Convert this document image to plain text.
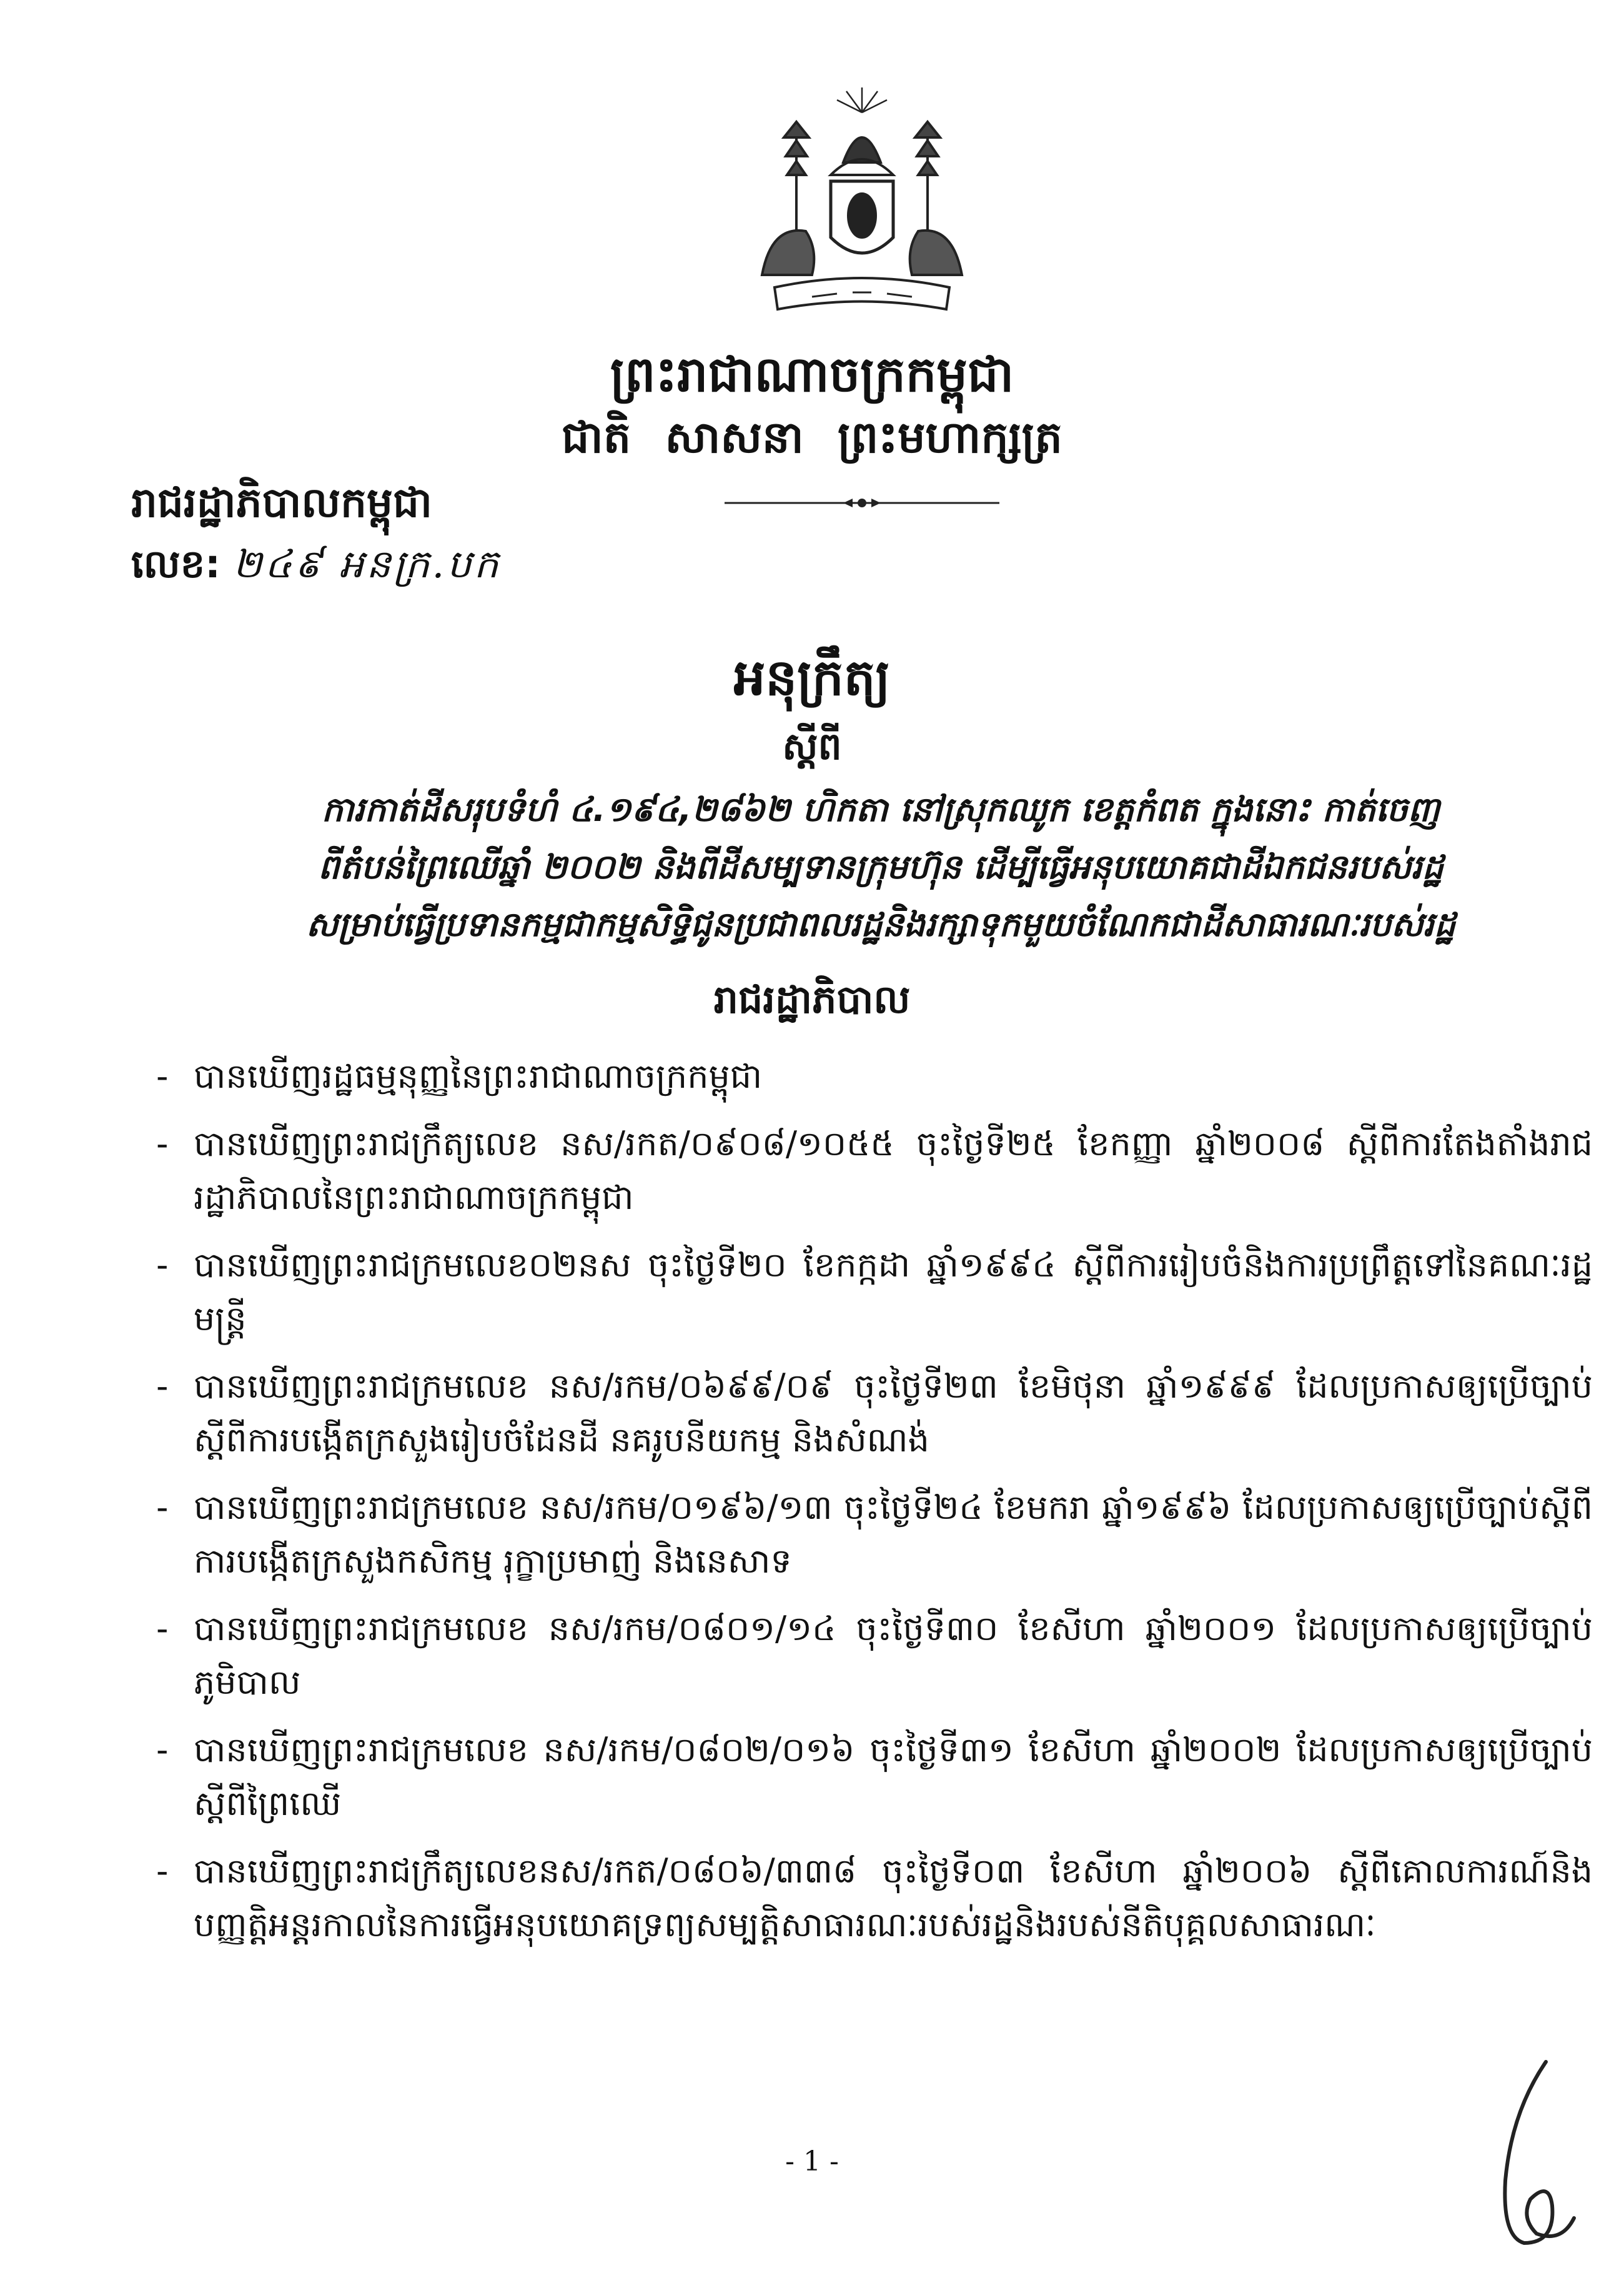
ព្រះរាជាណាចក្រកម្ពុជា
ជាតិ សាសនា ព្រះមហាក្សត្រ
រាជរដ្ឋាភិបាលកម្ពុជា
លេខ: ២៤៩ អនក្រ.បក
អនុក្រឹត្យ
ស្ដីពី
ការកាត់ដីសរុបទំហំ ៤.១៩៤,២៨៦២ ហិកតា នៅស្រុកឈូក ខេត្តកំពត ក្នុងនោះ កាត់ចេញ
ពីតំបន់ព្រៃឈើឆ្នាំ ២០០២ និងពីដីសម្បទានក្រុមហ៊ុន ដើម្បីធ្វើអនុបយោគជាដីឯកជនរបស់រដ្ឋ
សម្រាប់ធ្វើប្រទានកម្មជាកម្មសិទ្ធិជូនប្រជាពលរដ្ឋនិងរក្សាទុកមួយចំណែកជាដីសាធារណៈរបស់រដ្ឋ
រាជរដ្ឋាភិបាល
- បានឃើញរដ្ឋធម្មនុញ្ញនៃព្រះរាជាណាចក្រកម្ពុជា
- បានឃើញព្រះរាជក្រឹត្យលេខ នស/រកត/០៩០៨/១០៥៥ ចុះថ្ងៃទី២៥ ខែកញ្ញា ឆ្នាំ២០០៨ ស្ដីពីការតែងតាំងរាជរដ្ឋាភិបាលនៃព្រះរាជាណាចក្រកម្ពុជា
- បានឃើញព្រះរាជក្រមលេខ០២នស ចុះថ្ងៃទី២០ ខែកក្កដា ឆ្នាំ១៩៩៤ ស្ដីពីការរៀបចំនិងការប្រព្រឹត្តទៅនៃគណៈរដ្ឋមន្ត្រី
- បានឃើញព្រះរាជក្រមលេខ នស/រកម/០៦៩៩/០៩ ចុះថ្ងៃទី២៣ ខែមិថុនា ឆ្នាំ១៩៩៩ ដែលប្រកាសឲ្យប្រើច្បាប់ស្ដីពីការបង្កើតក្រសួងរៀបចំដែនដី នគរូបនីយកម្ម និងសំណង់
- បានឃើញព្រះរាជក្រមលេខ នស/រកម/០១៩៦/១៣ ចុះថ្ងៃទី២៤ ខែមករា ឆ្នាំ១៩៩៦ ដែលប្រកាសឲ្យប្រើច្បាប់ស្ដីពីការបង្កើតក្រសួងកសិកម្ម រុក្ខាប្រមាញ់ និងនេសាទ
- បានឃើញព្រះរាជក្រមលេខ នស/រកម/០៨០១/១៤ ចុះថ្ងៃទី៣០ ខែសីហា ឆ្នាំ២០០១ ដែលប្រកាសឲ្យប្រើច្បាប់ភូមិបាល
- បានឃើញព្រះរាជក្រមលេខ នស/រកម/០៨០២/០១៦ ចុះថ្ងៃទី៣១ ខែសីហា ឆ្នាំ២០០២ ដែលប្រកាសឲ្យប្រើច្បាប់ស្ដីពីព្រៃឈើ
- បានឃើញព្រះរាជក្រឹត្យលេខនស/រកត/០៨០៦/៣៣៨ ចុះថ្ងៃទី០៣ ខែសីហា ឆ្នាំ២០០៦ ស្ដីពីគោលការណ៍និងបញ្ញត្តិអន្តរកាលនៃការធ្វើអនុបយោគទ្រព្យសម្បត្តិសាធារណៈរបស់រដ្ឋនិងរបស់នីតិបុគ្គលសាធារណៈ
- 1 -
